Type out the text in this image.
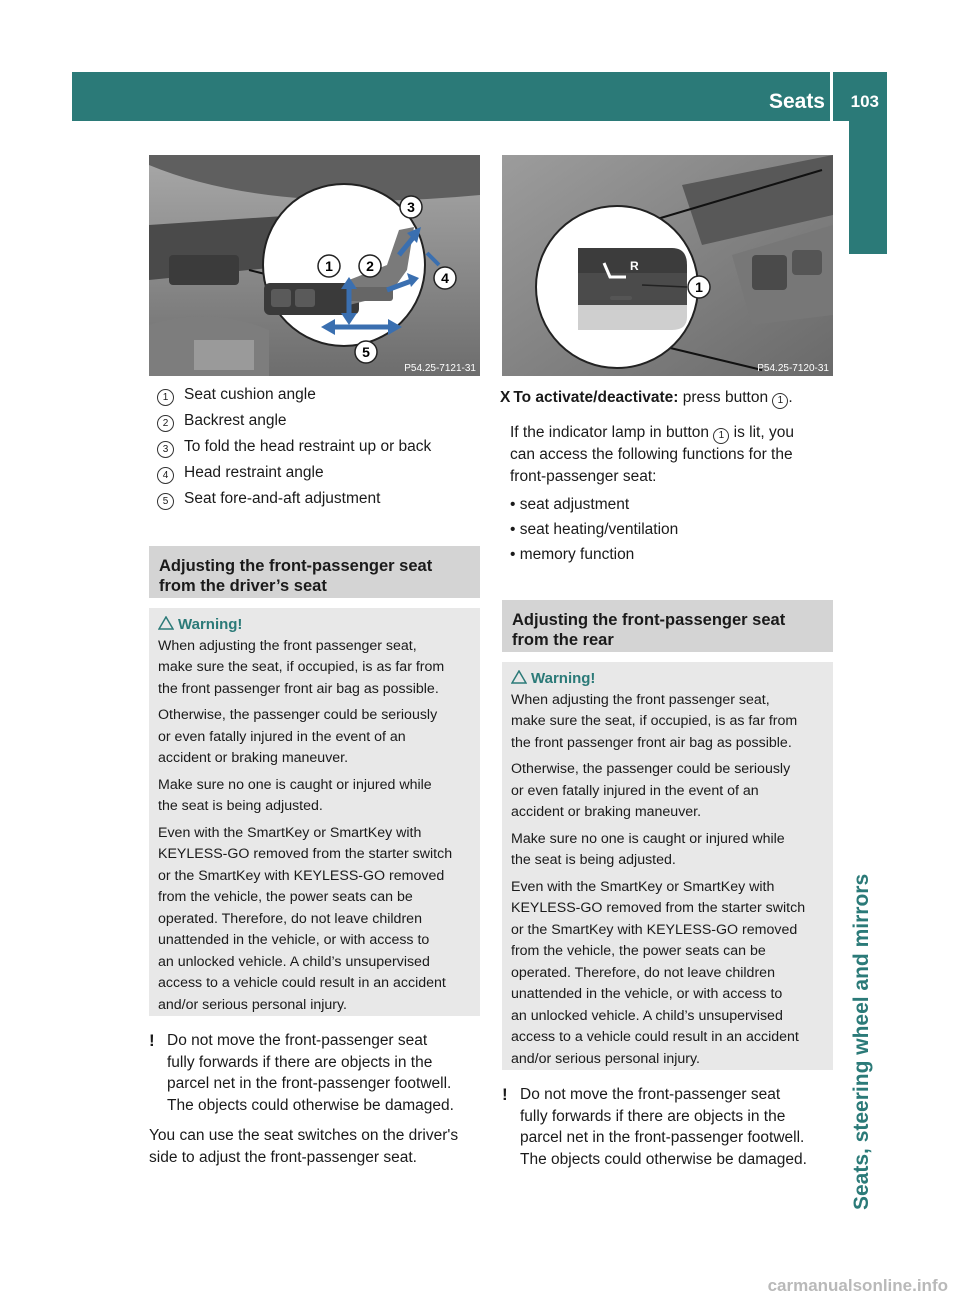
Seats 103
Seats, steering wheel and mirrors
1 2
3
4
5
P54.25-7121-31
R
1
P54.25-7120-31
1 Seat cushion angle
2 Backrest angle
3 To fold the head restraint up or back
4 Head restraint angle
5 Seat fore-and-aft adjustment
Adjusting the front-passenger seat
from the driver’s seat
Warning!

When adjusting the front passenger seat,
make sure the seat, if occupied, is as far from
the front passenger front air bag as possible.

Otherwise, the passenger could be seriously
or even fatally injured in the event of an
accident or braking maneuver.

Make sure no one is caught or injured while
the seat is being adjusted.

Even with the SmartKey or SmartKey with
KEYLESS-GO removed from the starter switch
or the SmartKey with KEYLESS-GO removed
from the vehicle, the power seats can be
operated. Therefore, do not leave children
unattended in the vehicle, or with access to
an unlocked vehicle. A child’s unsupervised
access to a vehicle could result in an accident
and/or serious personal injury.

! Do not move the front-passenger seat
fully forwards if there are objects in the
parcel net in the front-passenger footwell.
The objects could otherwise be damaged.
You can use the seat switches on the driver's
side to adjust the front-passenger seat.
X To activate/deactivate: press button 1 .
If the indicator lamp in button 1 is lit, you
can access the following functions for the
front-passenger seat:
• seat adjustment
• seat heating/ventilation
• memory function
Adjusting the front-passenger seat
from the rear
Warning!

When adjusting the front passenger seat,
make sure the seat, if occupied, is as far from
the front passenger front air bag as possible.

Otherwise, the passenger could be seriously
or even fatally injured in the event of an
accident or braking maneuver.

Make sure no one is caught or injured while
the seat is being adjusted.

Even with the SmartKey or SmartKey with
KEYLESS-GO removed from the starter switch
or the SmartKey with KEYLESS-GO removed
from the vehicle, the power seats can be
operated. Therefore, do not leave children
unattended in the vehicle, or with access to
an unlocked vehicle. A child’s unsupervised
access to a vehicle could result in an accident
and/or serious personal injury.

! Do not move the front-passenger seat
fully forwards if there are objects in the
parcel net in the front-passenger footwell.
The objects could otherwise be damaged.
carmanualsonline.info
